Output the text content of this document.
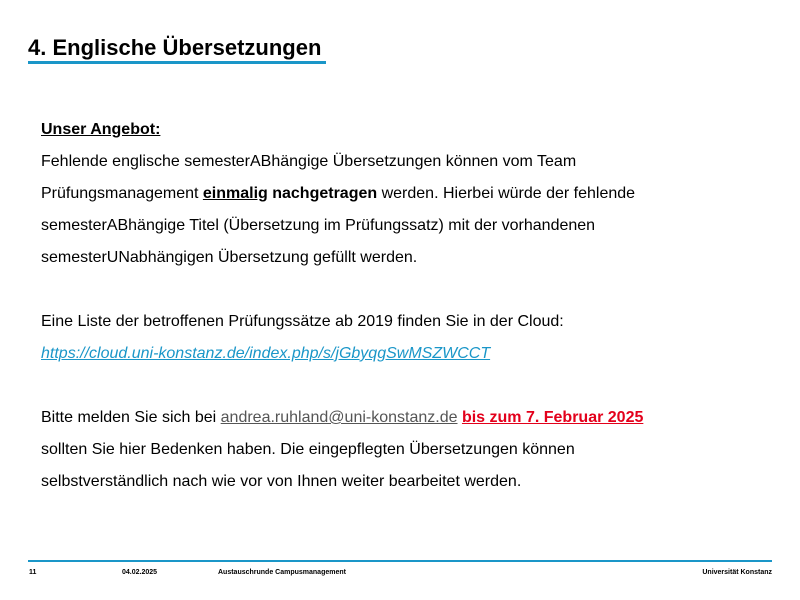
4. Englische Übersetzungen

Unser Angebot:

Fehlende englische semesterABhängige Übersetzungen können vom Team

Prüfungsmanagement einmalig nachgetragen werden. Hierbei würde der fehlende

semesterABhängige Titel (Übersetzung im Prüfungssatz) mit der vorhandenen

semesterUNabhängigen Übersetzung gefüllt werden.

Eine Liste der betroffenen Prüfungssätze ab 2019 finden Sie in der Cloud:

https://cloud.uni-konstanz.de/index.php/s/jGbyqgSwMSZWCCT

Bitte melden Sie sich bei andrea.ruhland@uni-konstanz.de bis zum 7. Februar 2025

sollten Sie hier Bedenken haben. Die eingepflegten Übersetzungen können

selbstverständlich nach wie vor von Ihnen weiter bearbeitet werden.

11	04.02.2025	Austauschrunde Campusmanagement	Universität Konstanz
